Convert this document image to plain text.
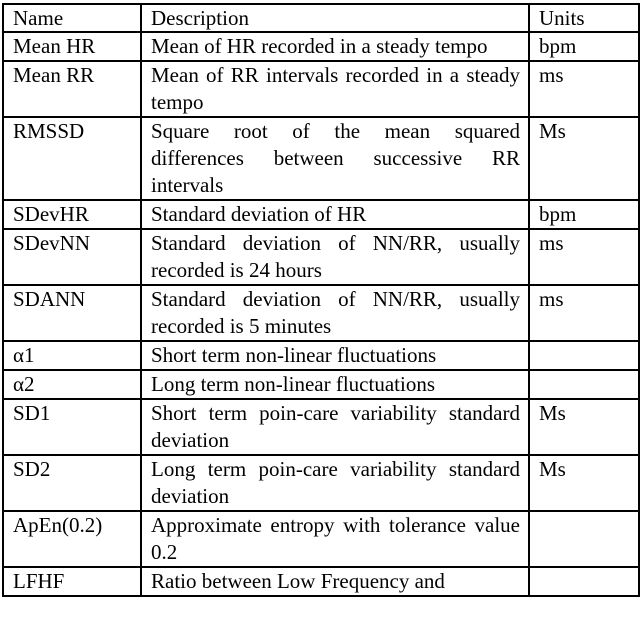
Name	Description	Units
Mean HR	Mean of HR recorded in a steady tempo	bpm
Mean RR	Mean of RR intervals recorded in a steady tempo	ms
RMSSD	Square root of the mean squared differences between successive RR intervals	Ms
SDevHR	Standard deviation of HR	bpm
SDevNN	Standard deviation of NN/RR, usually recorded is 24 hours	ms
SDANN	Standard deviation of NN/RR, usually recorded is 5 minutes	ms
α1	Short term non-linear fluctuations	
α2	Long term non-linear fluctuations	
SD1	Short term poin-care variability standard deviation	Ms
SD2	Long term poin-care variability standard deviation	Ms
ApEn(0.2)	Approximate entropy with tolerance value 0.2	
LFHF	Ratio between Low Frequency and	
